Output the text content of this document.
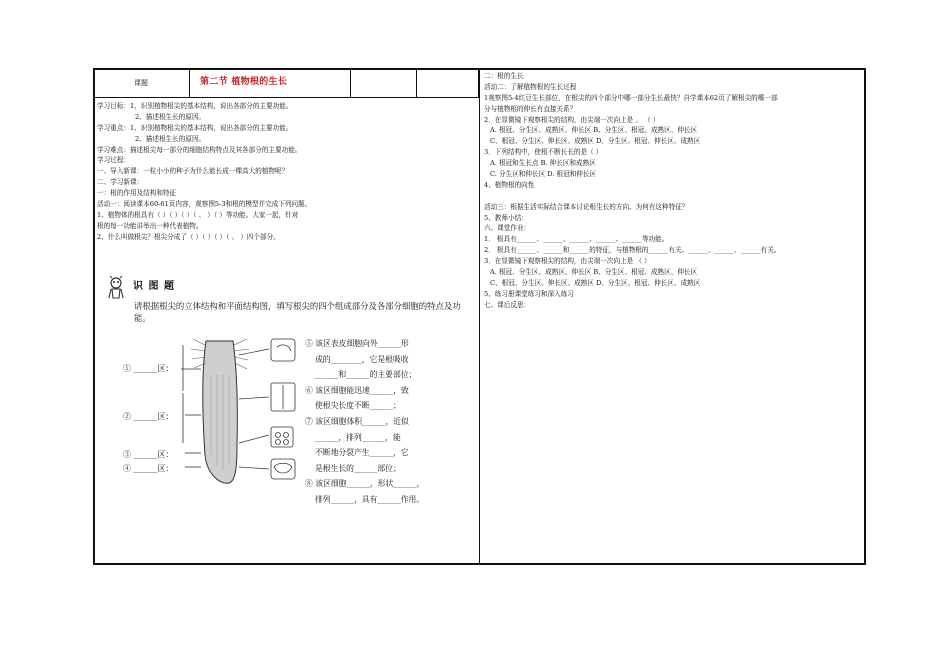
课题	第二节 植物根的生长
学习目标：1、识别植物根尖的基本结构，说出各部分的主要功能。
2、描述根生长的原因。
学习重点：1、识别植物根尖的基本结构，说出各部分的主要功能。
2、描述根生长的原因。
学习难点：描述根尖每一部分的细胞结构特点及其各部分的主要功能。
学习过程：
一、导入新课：一粒小小的种子为什么能长成一棵高大的植物呢？
二、学习新课：
一：根的作用及结构和特征
活动一：阅读课本60-61页内容，观察图5-3和根的模型并完成下列问题。
1、植物体的根具有（ ）（ ）（ ）（ 、 ）（ ）等功能。大家一起，针对
根的每一功能讲举出一种代表植物。
2、什么叫做根尖？根尖分成了（ ）（ ）（ ）（ 、 ）四个部分。
识 图 题
请根据根尖的立体结构和平面结构图，填写根尖的四个组成部分及各部分细胞的特点及功能。
① ______区：
② ______区：
③ ______区：
④ ______区：
⑤ 该区表皮细胞向外______形
成的________，它是根吸收
______和______的主要部位；
⑥ 该区细胞能迅速______，致
使根尖长度不断______；
⑦ 该区细胞体积______，近似
______，排列______，能
不断地分裂产生______，它
是根生长的______部位；
⑧ 该区细胞______，形状______，
排列______，具有______作用。
二：根的生长
活动二：了解植物根的生长过程
1观察图5-4红豆生长部位，在根尖的四个部分中哪一部分生长最快？自学课本62页了解根尖的哪一部
分与植物根的伸长有直接关系？
2．在显微镜下观察根尖的结构，由尖端一次向上是 。 （ ）
A. 根冠、分生区、成熟区、伸长区 B、分生区、根冠、成熟区、伸长区
C、根冠、分生区、伸长区、成熟区 D、分生区、根冠、伸长区、成熟区
3．下列结构中，使根不断长长的是（ ）
A. 根冠和生长点 B. 伸长区和成熟区
C. 分生区和伸长区 D. 根冠和伸长区
4、植物根的向性
活动三：根据生活实际结合课本讨论根生长的方向、为何有这种特征？
5、教师小结：
六、课堂作业：
1． 根具有______、______、______、______、______等功能。
2． 根具有______、______和______的特征，与植物根的______有关。______、______、______有关。
3．在显微镜下观察根尖的结构，由尖端一次向上是 （ ）
A. 根冠、分生区、成熟区、伸长区 B、分生区、根冠、成熟区、伸长区
C、根冠、分生区、伸长区、成熟区 D、分生区、根冠、伸长区、成熟区
5、练习册课堂练习和深入练习
七、课后反思：
